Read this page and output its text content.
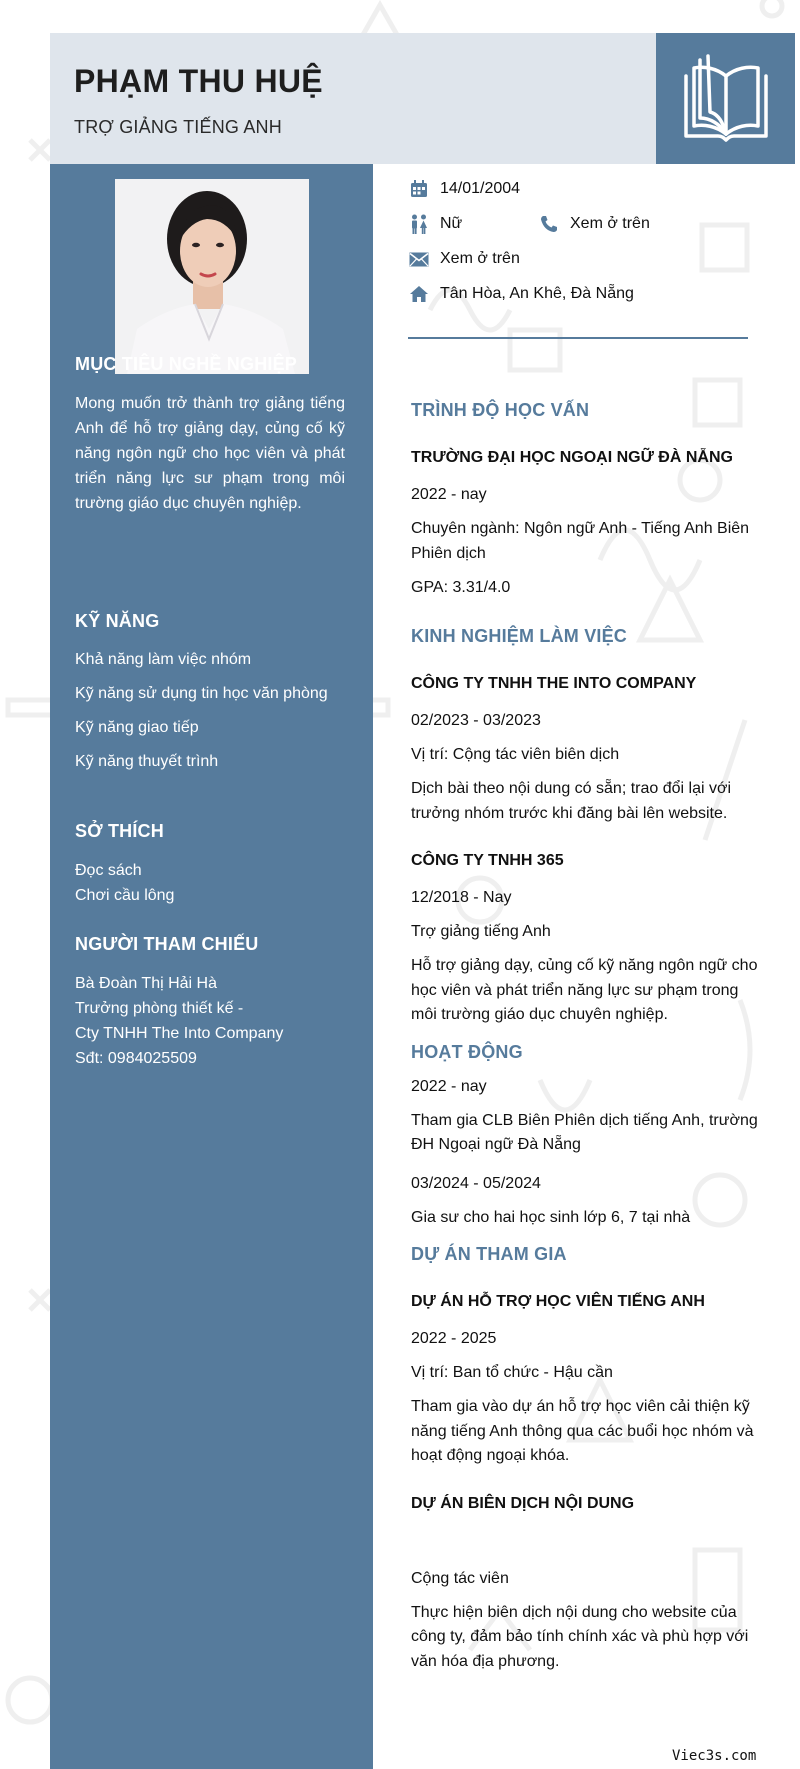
PHẠM THU HUỆ
TRỢ GIẢNG TIẾNG ANH
MỤC TIÊU NGHỀ NGHIỆP
Mong muốn trở thành trợ giảng tiếng Anh để hỗ trợ giảng dạy, củng cố kỹ năng ngôn ngữ cho học viên và phát triển năng lực sư phạm trong môi trường giáo dục chuyên nghiệp.
KỸ NĂNG
Khả năng làm việc nhóm
Kỹ năng sử dụng tin học văn phòng
Kỹ năng giao tiếp
Kỹ năng thuyết trình
SỞ THÍCH
Đọc sách
Chơi cầu lông
NGƯỜI THAM CHIẾU
Bà Đoàn Thị Hải Hà
Trưởng phòng thiết kế -
Cty TNHH The Into Company
Sđt: 0984025509
14/01/2004
Nữ	Xem ở trên
Xem ở trên
Tân Hòa, An Khê, Đà Nẵng
TRÌNH ĐỘ HỌC VẤN
TRƯỜNG ĐẠI HỌC NGOẠI NGỮ ĐÀ NẴNG
2022 - nay
Chuyên ngành: Ngôn ngữ Anh - Tiếng Anh Biên Phiên dịch
GPA: 3.31/4.0
KINH NGHIỆM LÀM VIỆC
CÔNG TY TNHH THE INTO COMPANY
02/2023 - 03/2023
Vị trí: Cộng tác viên biên dịch
Dịch bài theo nội dung có sẵn; trao đổi lại với trưởng nhóm trước khi đăng bài lên website.
CÔNG TY TNHH 365
12/2018 - Nay
Trợ giảng tiếng Anh
Hỗ trợ giảng dạy, củng cố kỹ năng ngôn ngữ cho học viên và phát triển năng lực sư phạm trong môi trường giáo dục chuyên nghiệp.
HOẠT ĐỘNG
2022 - nay
Tham gia CLB Biên Phiên dịch tiếng Anh, trường ĐH Ngoại ngữ Đà Nẵng
03/2024 - 05/2024
Gia sư cho hai học sinh lớp 6, 7 tại nhà
DỰ ÁN THAM GIA
DỰ ÁN HỖ TRỢ HỌC VIÊN TIẾNG ANH
2022 - 2025
Vị trí: Ban tổ chức - Hậu cần
Tham gia vào dự án hỗ trợ học viên cải thiện kỹ năng tiếng Anh thông qua các buổi học nhóm và hoạt động ngoại khóa.
DỰ ÁN BIÊN DỊCH NỘI DUNG
Cộng tác viên
Thực hiện biên dịch nội dung cho website của công ty, đảm bảo tính chính xác và phù hợp với văn hóa địa phương.
Viec3s.com
